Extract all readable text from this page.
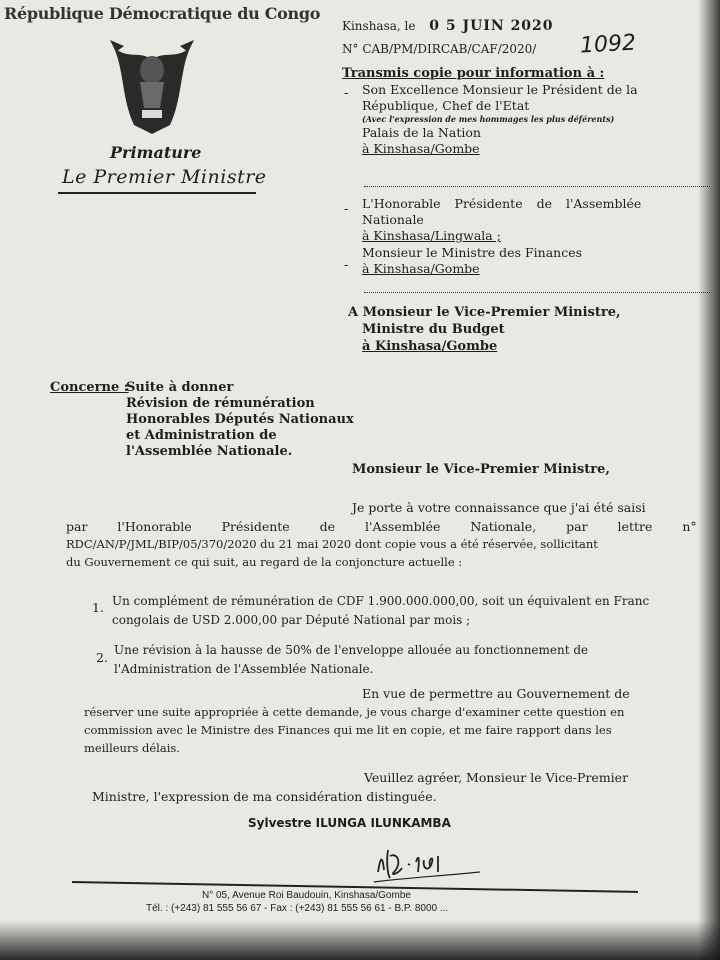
République Démocratique du Congo
Primature
Le Premier Ministre
Kinshasa, le 0 5 JUIN 2020
N° CAB/PM/DIRCAB/CAF/2020/ 1092
Transmis copie pour information à :
- Son Excellence Monsieur le Président de la
République, Chef de l'Etat
(Avec l'expression de mes hommages les plus déférents)
Palais de la Nation
à Kinshasa/Gombe
- L'Honorable Présidente de l'Assemblée
Nationale
à Kinshasa/Lingwala ;
-
Monsieur le Ministre des Finances
à Kinshasa/Gombe
A Monsieur le Vice-Premier Ministre,
Ministre du Budget
à Kinshasa/Gombe
Concerne :
Suite à donner
Révision de rémunération
Honorables Députés Nationaux
et Administration de
l'Assemblée Nationale.
Monsieur le Vice-Premier Ministre,
Je porte à votre connaissance que j'ai été saisi
par l'Honorable Présidente de l'Assemblée Nationale, par lettre n°
RDC/AN/P/JML/BIP/05/370/2020 du 21 mai 2020 dont copie vous a été réservée, sollicitant
du Gouvernement ce qui suit, au regard de la conjoncture actuelle :
1. Un complément de rémunération de CDF 1.900.000.000,00, soit un équivalent en Franc
congolais de USD 2.000,00 par Député National par mois ;
2. Une révision à la hausse de 50% de l'enveloppe allouée au fonctionnement de
l'Administration de l'Assemblée Nationale.
En vue de permettre au Gouvernement de
réserver une suite appropriée à cette demande, je vous charge d'examiner cette question en
commission avec le Ministre des Finances qui me lit en copie, et me faire rapport dans les
meilleurs délais.
Veuillez agréer, Monsieur le Vice-Premier
Ministre, l'expression de ma considération distinguée.
Sylvestre ILUNGA ILUNKAMBA
N° 05, Avenue Roi Baudouin, Kinshasa/Gombe
Tél. : (+243) 81 555 56 67 - Fax : (+243) 81 555 56 61 - B.P. 8000 ...
